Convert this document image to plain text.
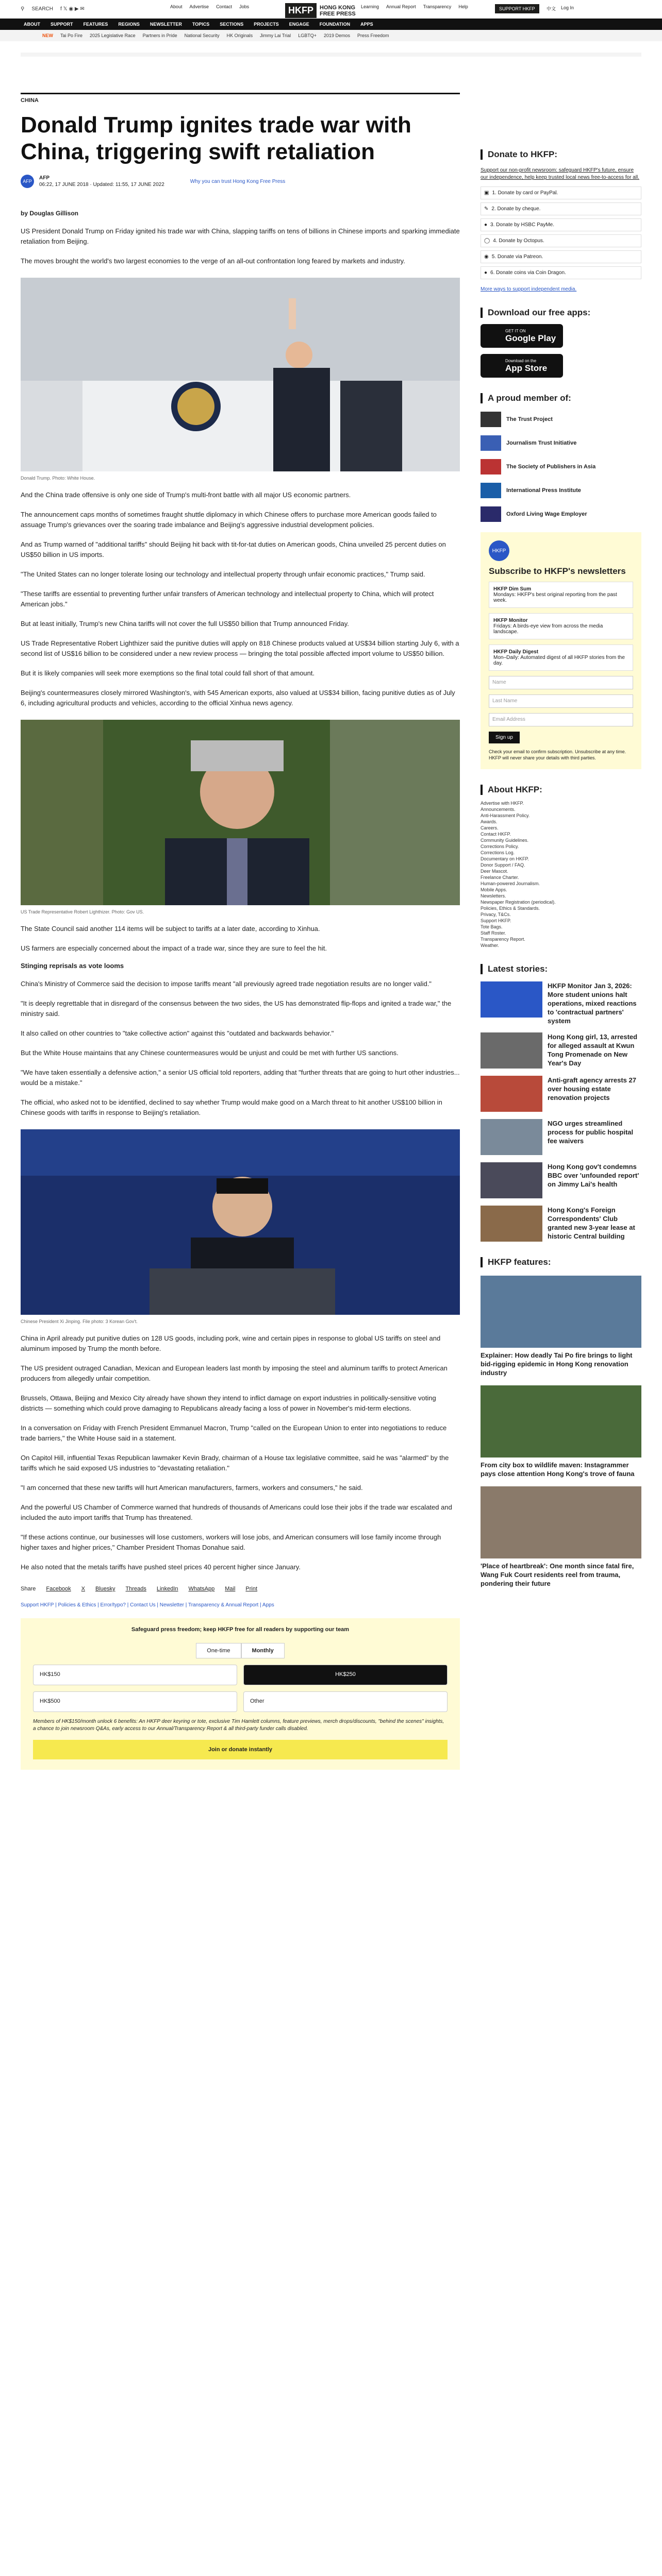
⚲ SEARCH f 𝕏 ◉ ▶ ✉	About Advertise Contact Jobs	HKFP	HONG KONG
FREE PRESS
Learning Annual Report Transparency Help	SUPPORT HKFP	中文 Log In
ABOUT SUPPORT FEATURES REGIONS NEWSLETTER TOPICS SECTIONS PROJECTS ENGAGE FOUNDATION APPS
NEW Tai Po Fire 2025 Legislative Race Partners in Pride National Security HK Originals Jimmy Lai Trial LGBTQ+ 2019 Demos Press Freedom
CHINA
Donald Trump ignites trade war with China, triggering swift retaliation
AFP
AFP
06:22, 17 JUNE 2018 · Updated: 11:55, 17 JUNE 2022
Why you can trust Hong Kong Free Press
by Douglas Gillison

US President Donald Trump on Friday ignited his trade war with China, slapping tariffs on tens of billions in Chinese imports and sparking immediate retaliation from Beijing.

The moves brought the world's two largest economies to the verge of an all-out confrontation long feared by markets and industry.

Donald Trump. Photo: White House.

And the China trade offensive is only one side of Trump's multi-front battle with all major US economic partners.

The announcement caps months of sometimes fraught shuttle diplomacy in which Chinese offers to purchase more American goods failed to assuage Trump's grievances over the soaring trade imbalance and Beijing's aggressive industrial development policies.

And as Trump warned of "additional tariffs" should Beijing hit back with tit-for-tat duties on American goods, China unveiled 25 percent duties on US$50 billion in US imports.

"The United States can no longer tolerate losing our technology and intellectual property through unfair economic practices," Trump said.

"These tariffs are essential to preventing further unfair transfers of American technology and intellectual property to China, which will protect American jobs."

But at least initially, Trump's new China tariffs will not cover the full US$50 billion that Trump announced Friday.

US Trade Representative Robert Lighthizer said the punitive duties will apply on 818 Chinese products valued at US$34 billion starting July 6, with a second list of US$16 billion to be considered under a new review process — bringing the total possible affected import volume to US$50 billion.

But it is likely companies will seek more exemptions so the final total could fall short of that amount.

Beijing's countermeasures closely mirrored Washington's, with 545 American exports, also valued at US$34 billion, facing punitive duties as of July 6, including agricultural products and vehicles, according to the official Xinhua news agency.

US Trade Representative Robert Lighthizer. Photo: Gov US.

The State Council said another 114 items will be subject to tariffs at a later date, according to Xinhua.

US farmers are especially concerned about the impact of a trade war, since they are sure to feel the hit.

Stinging reprisals as vote looms

China's Ministry of Commerce said the decision to impose tariffs meant "all previously agreed trade negotiation results are no longer valid."

"It is deeply regrettable that in disregard of the consensus between the two sides, the US has demonstrated flip-flops and ignited a trade war," the ministry said.

It also called on other countries to "take collective action" against this "outdated and backwards behavior."

But the White House maintains that any Chinese countermeasures would be unjust and could be met with further US sanctions.

"We have taken essentially a defensive action," a senior US official told reporters, adding that "further threats that are going to hurt other industries... would be a mistake."

The official, who asked not to be identified, declined to say whether Trump would make good on a March threat to hit another US$100 billion in Chinese goods with tariffs in response to Beijing's retaliation.

Chinese President Xi Jinping. File photo: 3 Korean Gov't.

China in April already put punitive duties on 128 US goods, including pork, wine and certain pipes in response to global US tariffs on steel and aluminum imposed by Trump the month before.

The US president outraged Canadian, Mexican and European leaders last month by imposing the steel and aluminum tariffs to protect American producers from allegedly unfair competition.

Brussels, Ottawa, Beijing and Mexico City already have shown they intend to inflict damage on export industries in politically-sensitive voting districts — something which could prove damaging to Republicans already facing a loss of power in November's mid-term elections.

In a conversation on Friday with French President Emmanuel Macron, Trump "called on the European Union to enter into negotiations to reduce trade barriers," the White House said in a statement.

On Capitol Hill, influential Texas Republican lawmaker Kevin Brady, chairman of a House tax legislative committee, said he was "alarmed" by the tariffs which he said exposed US industries to "devastating retaliation."

"I am concerned that these new tariffs will hurt American manufacturers, farmers, workers and consumers," he said.

And the powerful US Chamber of Commerce warned that hundreds of thousands of Americans could lose their jobs if the trade war escalated and included the auto import tariffs that Trump has threatened.

"If these actions continue, our businesses will lose customers, workers will lose jobs, and American consumers will lose family income through higher taxes and higher prices," Chamber President Thomas Donahue said.

He also noted that the metals tariffs have pushed steel prices 40 percent higher since January.

Share Facebook X Bluesky Threads LinkedIn WhatsApp Mail Print
Support HKFP | Policies & Ethics | Error/typo? | Contact Us | Newsletter | Transparency & Annual Report | Apps
Safeguard press freedom; keep HKFP free for all readers by supporting our team
One-time	Monthly
HK$150	HK$250
HK$500	Other
Members of HK$150/month unlock 6 benefits: An HKFP deer keyring or tote, exclusive Tim Hamlett columns, feature previews, merch drops/discounts, "behind the scenes" insights, a chance to join newsroom Q&As, early access to our Annual/Transparency Report & all third-party funder calls disabled.
Join or donate instantly
Donate to HKFP:
Support our non-profit newsroom: safeguard HKFP's future, ensure our independence, help keep trusted local news free-to-access for all.
▣ 1. Donate by card or PayPal.
✎ 2. Donate by cheque.
● 3. Donate by HSBC PayMe.
◯ 4. Donate by Octopus.
◉ 5. Donate via Patreon.
● 6. Donate coins via Coin Dragon.
More ways to support independent media.
Download our free apps:
GET IT ON
Google Play
Download on the
App Store
A proud member of:
The Trust Project
Journalism Trust Initiative
The Society of Publishers in Asia
International Press Institute
Oxford Living Wage Employer
HKFP
Subscribe to HKFP's newsletters
HKFP Dim Sum
Mondays: HKFP's best original reporting from the past week.
HKFP Monitor
Fridays: A birds-eye view from across the media landscape.
HKFP Daily Digest
Mon–Daily: Automated digest of all HKFP stories from the day.
Name
Last Name
Email Address
Sign up
Check your email to confirm subscription. Unsubscribe at any time. HKFP will never share your details with third parties.
About HKFP:
Advertise with HKFP.
Announcements.
Anti-Harassment Policy.
Awards.
Careers.
Contact HKFP.
Community Guidelines.
Corrections Policy.
Corrections Log.
Documentary on HKFP.
Donor Support / FAQ.
Deer Mascot.
Freelance Charter.
Human-powered Journalism.
Mobile Apps.
Newsletters.
Newspaper Registration (periodical).
Policies, Ethics & Standards.
Privacy, T&Cs.
Support HKFP.
Tote Bags.
Staff Roster.
Transparency Report.
Weather.
Latest stories:
HKFP Monitor Jan 3, 2026: More student unions halt operations, mixed reactions to 'contractual partners' system
Hong Kong girl, 13, arrested for alleged assault at Kwun Tong Promenade on New Year's Day
Anti-graft agency arrests 27 over housing estate renovation projects
NGO urges streamlined process for public hospital fee waivers
Hong Kong gov't condemns BBC over 'unfounded report' on Jimmy Lai's health
Hong Kong's Foreign Correspondents' Club granted new 3-year lease at historic Central building
HKFP features:
Explainer: How deadly Tai Po fire brings to light bid-rigging epidemic in Hong Kong renovation industry
From city box to wildlife maven: Instagrammer pays close attention Hong Kong's trove of fauna
'Place of heartbreak': One month since fatal fire, Wang Fuk Court residents reel from trauma, pondering their future
